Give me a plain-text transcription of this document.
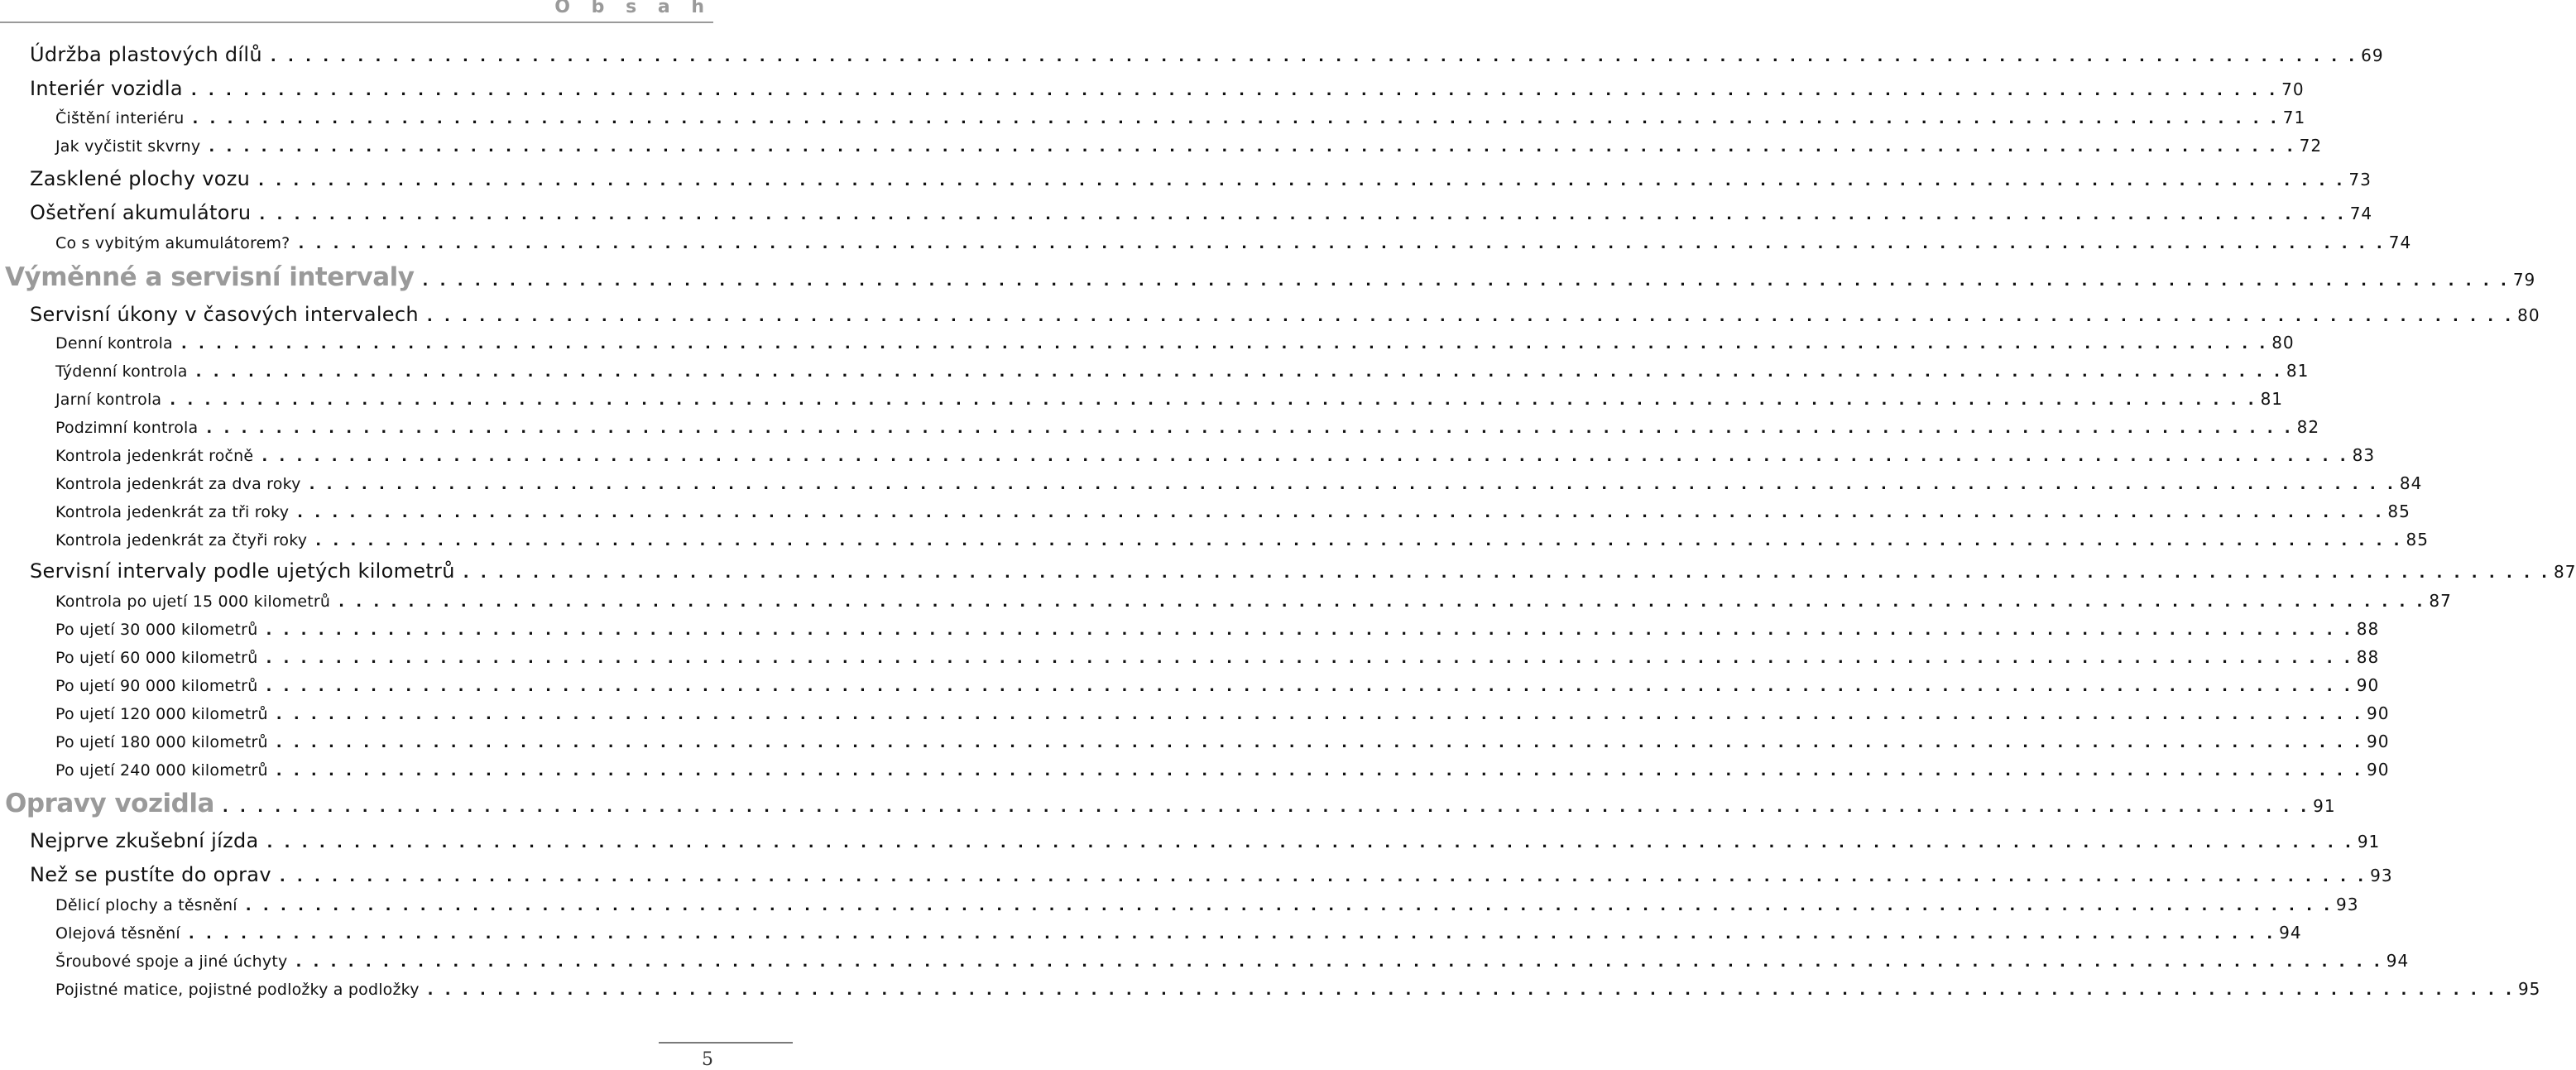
O b s a h
Údržba plastových dílů . . . . . . . . . . . . . . . . . . . . . . . . . . . . . . . . . . . . . . . . . . . . . . . . . . . . . . . . . . . . . . . . . . . . . . . . . . . . . . . . . . . . . . . . . . . . . . . . . . . . . . . . . . . . . . . . . . . . . . . . 69
Interiér vozidla . . . . . . . . . . . . . . . . . . . . . . . . . . . . . . . . . . . . . . . . . . . . . . . . . . . . . . . . . . . . . . . . . . . . . . . . . . . . . . . . . . . . . . . . . . . . . . . . . . . . . . . . . . . . . . . . . . . . . . . . 70
Čištění interiéru . . . . . . . . . . . . . . . . . . . . . . . . . . . . . . . . . . . . . . . . . . . . . . . . . . . . . . . . . . . . . . . . . . . . . . . . . . . . . . . . . . . . . . . . . . . . . . . . . . . . . . . . . . . . . . . . . . . . . . . . 71
Jak vyčistit skvrny . . . . . . . . . . . . . . . . . . . . . . . . . . . . . . . . . . . . . . . . . . . . . . . . . . . . . . . . . . . . . . . . . . . . . . . . . . . . . . . . . . . . . . . . . . . . . . . . . . . . . . . . . . . . . . . . . . . . . . . . 72
Zasklené plochy vozu . . . . . . . . . . . . . . . . . . . . . . . . . . . . . . . . . . . . . . . . . . . . . . . . . . . . . . . . . . . . . . . . . . . . . . . . . . . . . . . . . . . . . . . . . . . . . . . . . . . . . . . . . . . . . . . . . . . . . . . . 73
Ošetření akumulátoru . . . . . . . . . . . . . . . . . . . . . . . . . . . . . . . . . . . . . . . . . . . . . . . . . . . . . . . . . . . . . . . . . . . . . . . . . . . . . . . . . . . . . . . . . . . . . . . . . . . . . . . . . . . . . . . . . . . . . . . . 74
Co s vybitým akumulátorem? . . . . . . . . . . . . . . . . . . . . . . . . . . . . . . . . . . . . . . . . . . . . . . . . . . . . . . . . . . . . . . . . . . . . . . . . . . . . . . . . . . . . . . . . . . . . . . . . . . . . . . . . . . . . . . . . . . . . . . . . 74
Výměnné a servisní intervaly . . . . . . . . . . . . . . . . . . . . . . . . . . . . . . . . . . . . . . . . . . . . . . . . . . . . . . . . . . . . . . . . . . . . . . . . . . . . . . . . . . . . . . . . . . . . . . . . . . . . . . . . . . . . . . . . . . . . . . . . 79
Servisní úkony v časových intervalech . . . . . . . . . . . . . . . . . . . . . . . . . . . . . . . . . . . . . . . . . . . . . . . . . . . . . . . . . . . . . . . . . . . . . . . . . . . . . . . . . . . . . . . . . . . . . . . . . . . . . . . . . . . . . . . . . . . . . . . . 80
Denní kontrola . . . . . . . . . . . . . . . . . . . . . . . . . . . . . . . . . . . . . . . . . . . . . . . . . . . . . . . . . . . . . . . . . . . . . . . . . . . . . . . . . . . . . . . . . . . . . . . . . . . . . . . . . . . . . . . . . . . . . . . . 80
Týdenní kontrola . . . . . . . . . . . . . . . . . . . . . . . . . . . . . . . . . . . . . . . . . . . . . . . . . . . . . . . . . . . . . . . . . . . . . . . . . . . . . . . . . . . . . . . . . . . . . . . . . . . . . . . . . . . . . . . . . . . . . . . . 81
Jarní kontrola . . . . . . . . . . . . . . . . . . . . . . . . . . . . . . . . . . . . . . . . . . . . . . . . . . . . . . . . . . . . . . . . . . . . . . . . . . . . . . . . . . . . . . . . . . . . . . . . . . . . . . . . . . . . . . . . . . . . . . . . 81
Podzimní kontrola . . . . . . . . . . . . . . . . . . . . . . . . . . . . . . . . . . . . . . . . . . . . . . . . . . . . . . . . . . . . . . . . . . . . . . . . . . . . . . . . . . . . . . . . . . . . . . . . . . . . . . . . . . . . . . . . . . . . . . . . 82
Kontrola jedenkrát ročně . . . . . . . . . . . . . . . . . . . . . . . . . . . . . . . . . . . . . . . . . . . . . . . . . . . . . . . . . . . . . . . . . . . . . . . . . . . . . . . . . . . . . . . . . . . . . . . . . . . . . . . . . . . . . . . . . . . . . . . . 83
Kontrola jedenkrát za dva roky . . . . . . . . . . . . . . . . . . . . . . . . . . . . . . . . . . . . . . . . . . . . . . . . . . . . . . . . . . . . . . . . . . . . . . . . . . . . . . . . . . . . . . . . . . . . . . . . . . . . . . . . . . . . . . . . . . . . . . . . 84
Kontrola jedenkrát za tři roky . . . . . . . . . . . . . . . . . . . . . . . . . . . . . . . . . . . . . . . . . . . . . . . . . . . . . . . . . . . . . . . . . . . . . . . . . . . . . . . . . . . . . . . . . . . . . . . . . . . . . . . . . . . . . . . . . . . . . . . . 85
Kontrola jedenkrát za čtyři roky . . . . . . . . . . . . . . . . . . . . . . . . . . . . . . . . . . . . . . . . . . . . . . . . . . . . . . . . . . . . . . . . . . . . . . . . . . . . . . . . . . . . . . . . . . . . . . . . . . . . . . . . . . . . . . . . . . . . . . . . 85
Servisní intervaly podle ujetých kilometrů . . . . . . . . . . . . . . . . . . . . . . . . . . . . . . . . . . . . . . . . . . . . . . . . . . . . . . . . . . . . . . . . . . . . . . . . . . . . . . . . . . . . . . . . . . . . . . . . . . . . . . . . . . . . . . . . . . . . . . . . 87
Kontrola po ujetí 15 000 kilometrů . . . . . . . . . . . . . . . . . . . . . . . . . . . . . . . . . . . . . . . . . . . . . . . . . . . . . . . . . . . . . . . . . . . . . . . . . . . . . . . . . . . . . . . . . . . . . . . . . . . . . . . . . . . . . . . . . . . . . . . . 87
Po ujetí 30 000 kilometrů . . . . . . . . . . . . . . . . . . . . . . . . . . . . . . . . . . . . . . . . . . . . . . . . . . . . . . . . . . . . . . . . . . . . . . . . . . . . . . . . . . . . . . . . . . . . . . . . . . . . . . . . . . . . . . . . . . . . . . . . 88
Po ujetí 60 000 kilometrů . . . . . . . . . . . . . . . . . . . . . . . . . . . . . . . . . . . . . . . . . . . . . . . . . . . . . . . . . . . . . . . . . . . . . . . . . . . . . . . . . . . . . . . . . . . . . . . . . . . . . . . . . . . . . . . . . . . . . . . . 88
Po ujetí 90 000 kilometrů . . . . . . . . . . . . . . . . . . . . . . . . . . . . . . . . . . . . . . . . . . . . . . . . . . . . . . . . . . . . . . . . . . . . . . . . . . . . . . . . . . . . . . . . . . . . . . . . . . . . . . . . . . . . . . . . . . . . . . . . 90
Po ujetí 120 000 kilometrů . . . . . . . . . . . . . . . . . . . . . . . . . . . . . . . . . . . . . . . . . . . . . . . . . . . . . . . . . . . . . . . . . . . . . . . . . . . . . . . . . . . . . . . . . . . . . . . . . . . . . . . . . . . . . . . . . . . . . . . . 90
Po ujetí 180 000 kilometrů . . . . . . . . . . . . . . . . . . . . . . . . . . . . . . . . . . . . . . . . . . . . . . . . . . . . . . . . . . . . . . . . . . . . . . . . . . . . . . . . . . . . . . . . . . . . . . . . . . . . . . . . . . . . . . . . . . . . . . . . 90
Po ujetí 240 000 kilometrů . . . . . . . . . . . . . . . . . . . . . . . . . . . . . . . . . . . . . . . . . . . . . . . . . . . . . . . . . . . . . . . . . . . . . . . . . . . . . . . . . . . . . . . . . . . . . . . . . . . . . . . . . . . . . . . . . . . . . . . . 90
Opravy vozidla . . . . . . . . . . . . . . . . . . . . . . . . . . . . . . . . . . . . . . . . . . . . . . . . . . . . . . . . . . . . . . . . . . . . . . . . . . . . . . . . . . . . . . . . . . . . . . . . . . . . . . . . . . . . . . . . . . . . . . . . 91
Nejprve zkušební jízda . . . . . . . . . . . . . . . . . . . . . . . . . . . . . . . . . . . . . . . . . . . . . . . . . . . . . . . . . . . . . . . . . . . . . . . . . . . . . . . . . . . . . . . . . . . . . . . . . . . . . . . . . . . . . . . . . . . . . . . . 91
Než se pustíte do oprav . . . . . . . . . . . . . . . . . . . . . . . . . . . . . . . . . . . . . . . . . . . . . . . . . . . . . . . . . . . . . . . . . . . . . . . . . . . . . . . . . . . . . . . . . . . . . . . . . . . . . . . . . . . . . . . . . . . . . . . . 93
Dělicí plochy a těsnění . . . . . . . . . . . . . . . . . . . . . . . . . . . . . . . . . . . . . . . . . . . . . . . . . . . . . . . . . . . . . . . . . . . . . . . . . . . . . . . . . . . . . . . . . . . . . . . . . . . . . . . . . . . . . . . . . . . . . . . . 93
Olejová těsnění . . . . . . . . . . . . . . . . . . . . . . . . . . . . . . . . . . . . . . . . . . . . . . . . . . . . . . . . . . . . . . . . . . . . . . . . . . . . . . . . . . . . . . . . . . . . . . . . . . . . . . . . . . . . . . . . . . . . . . . . 94
Šroubové spoje a jiné úchyty . . . . . . . . . . . . . . . . . . . . . . . . . . . . . . . . . . . . . . . . . . . . . . . . . . . . . . . . . . . . . . . . . . . . . . . . . . . . . . . . . . . . . . . . . . . . . . . . . . . . . . . . . . . . . . . . . . . . . . . . 94
Pojistné matice, pojistné podložky a podložky . . . . . . . . . . . . . . . . . . . . . . . . . . . . . . . . . . . . . . . . . . . . . . . . . . . . . . . . . . . . . . . . . . . . . . . . . . . . . . . . . . . . . . . . . . . . . . . . . . . . . . . . . . . . . . . . . . . . . . . . 95
5
